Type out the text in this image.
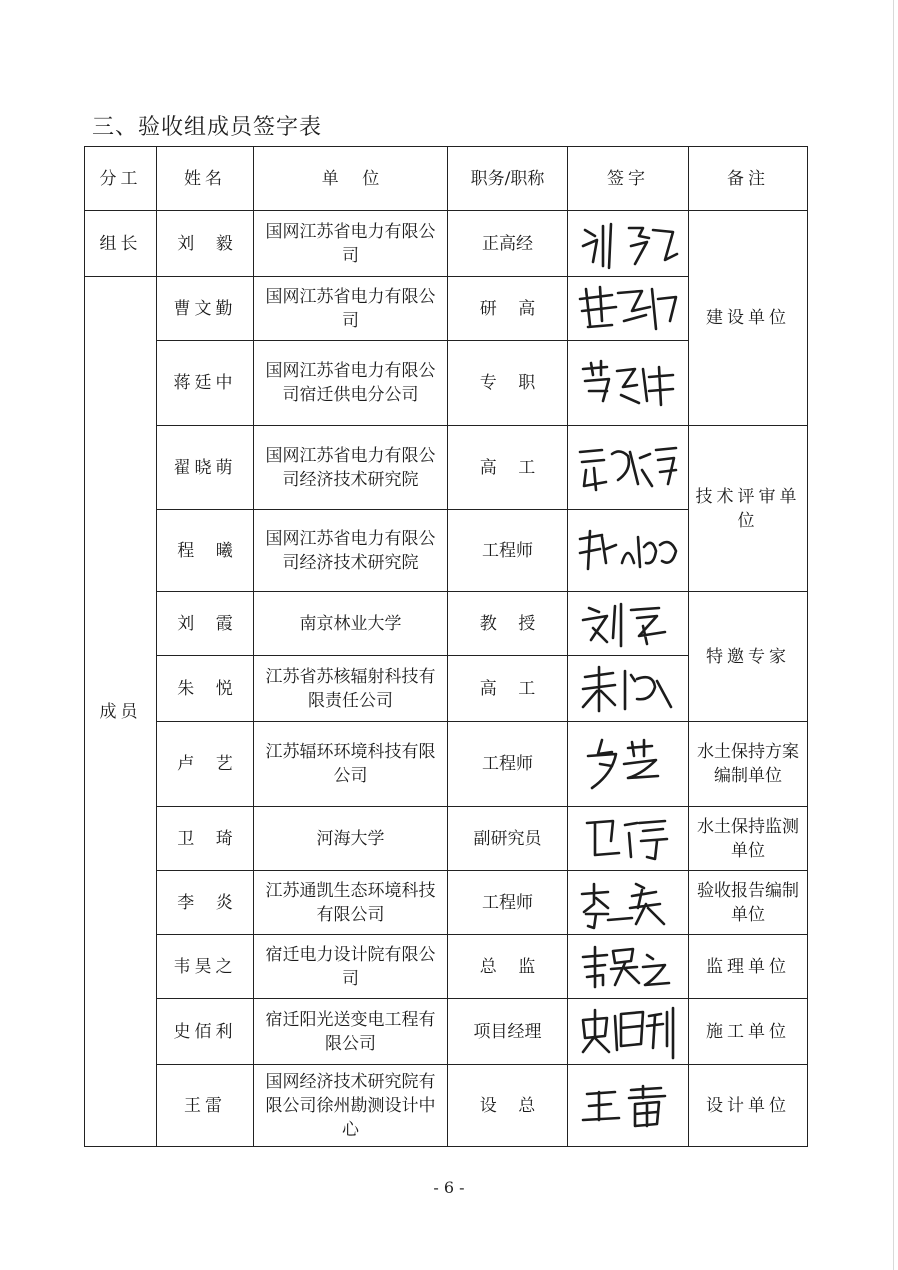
三、验收组成员签字表
分工	姓名	单 位	职务/职称	签字	备注
组长	刘 毅	国网江苏省电力有限公司	正高经		建设单位
成员	曹文勤	国网江苏省电力有限公司	研 高	

	蒋廷中	国网江苏省电力有限公司宿迁供电分公司	专 职	

	翟晓萌	国网江苏省电力有限公司经济技术研究院	高 工		技术评审单位
	程 曦	国网江苏省电力有限公司经济技术研究院	工程师	

	刘 霞	南京林业大学	教 授		特邀专家
	朱 悦	江苏省苏核辐射科技有限责任公司	高 工	

	卢 艺	江苏辐环环境科技有限公司	工程师		水土保持方案编制单位
	卫 琦	河海大学	副研究员		水土保持监测单位
	李 炎	江苏通凯生态环境科技有限公司	工程师		验收报告编制单位
	韦昊之	宿迁电力设计院有限公司	总 监		监理单位
	史佰利	宿迁阳光送变电工程有限公司	项目经理		施工单位
	王雷	国网经济技术研究院有限公司徐州勘测设计中心	设 总		设计单位
- 6 -
